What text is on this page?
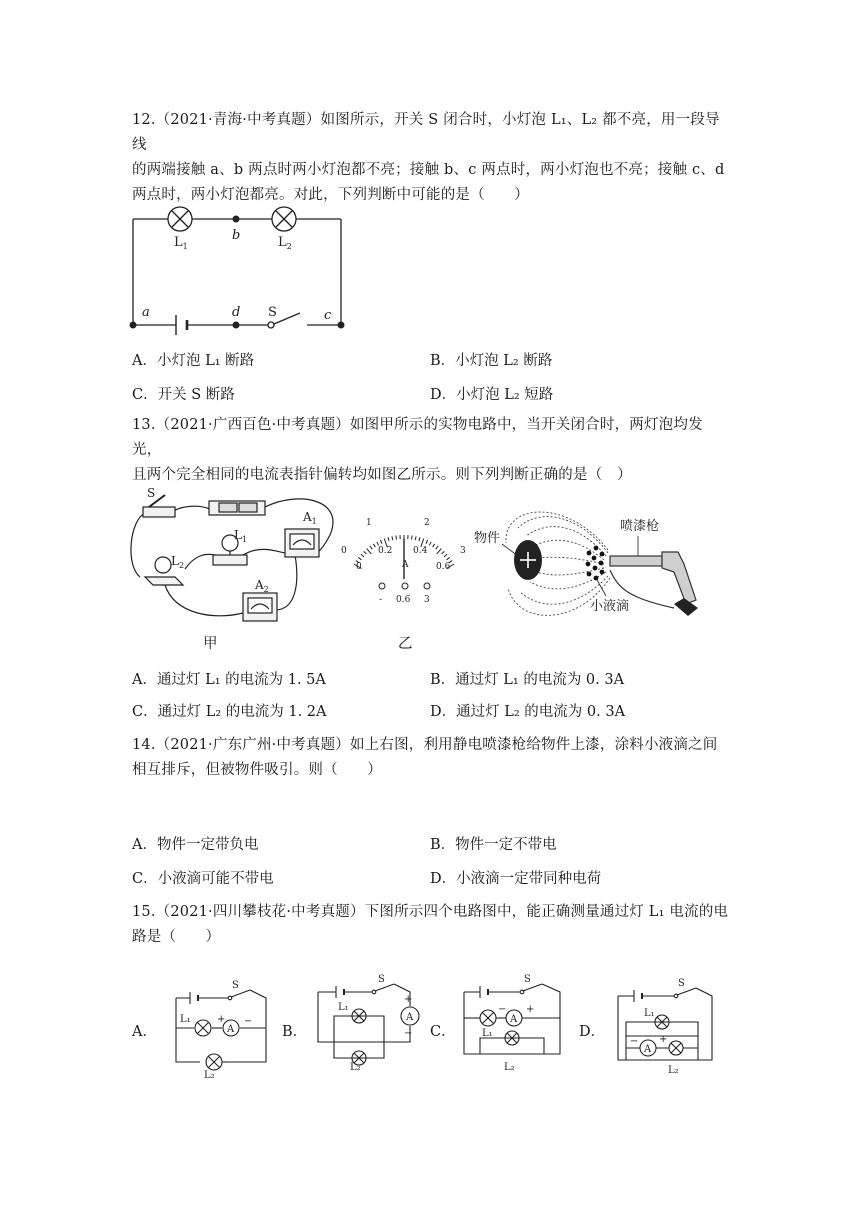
12.（2021·青海·中考真题）如图所示，开关 S 闭合时，小灯泡 L₁、L₂ 都不亮，用一段导线
的两端接触 a、b 两点时两小灯泡都不亮；接触 b、c 两点时，两小灯泡也不亮；接触 c、d
两点时，两小灯泡都亮。对此，下列判断中可能的是（　　）
$L_1$	$L_2$
b
a	d S	c
A．小灯泡 L₁ 断路	B．小灯泡 L₂ 断路
C．开关 S 断路	D．小灯泡 L₂ 短路
13.（2021·广西百色·中考真题）如图甲所示的实物电路中，当开关闭合时，两灯泡均发光，
且两个完全相同的电流表指针偏转均如图乙所示。则下列判断正确的是（　）
S
$L_1$
$L_2$
$A_1$
$A_2$
甲
0
1	2
3
0
0.2 0.4
0.6
A
- 0.6 3
乙
物件
喷漆枪
小液滴
A．通过灯 L₁ 的电流为 1. 5A	B．通过灯 L₁ 的电流为 0. 3A
C．通过灯 L₂ 的电流为 1. 2A	D．通过灯 L₂ 的电流为 0. 3A
14.（2021·广东广州·中考真题）如上右图，利用静电喷漆枪给物件上漆，涂料小液滴之间
相互排斥，但被物件吸引。则（　　）
A．物件一定带负电	B．物件一定不带电
C．小液滴可能不带电	D．小液滴一定带同种电荷
15.（2021·四川攀枝花·中考真题）下图所示四个电路图中，能正确测量通过灯 L₁ 电流的电
路是（　　）
A．	B．	C．	D．
S
A
+ −
L₁
L₂
S
A
+
−
L₁
L₂
S
A
− +
L₁
L₂
S
A
− +
L₁
L₂
